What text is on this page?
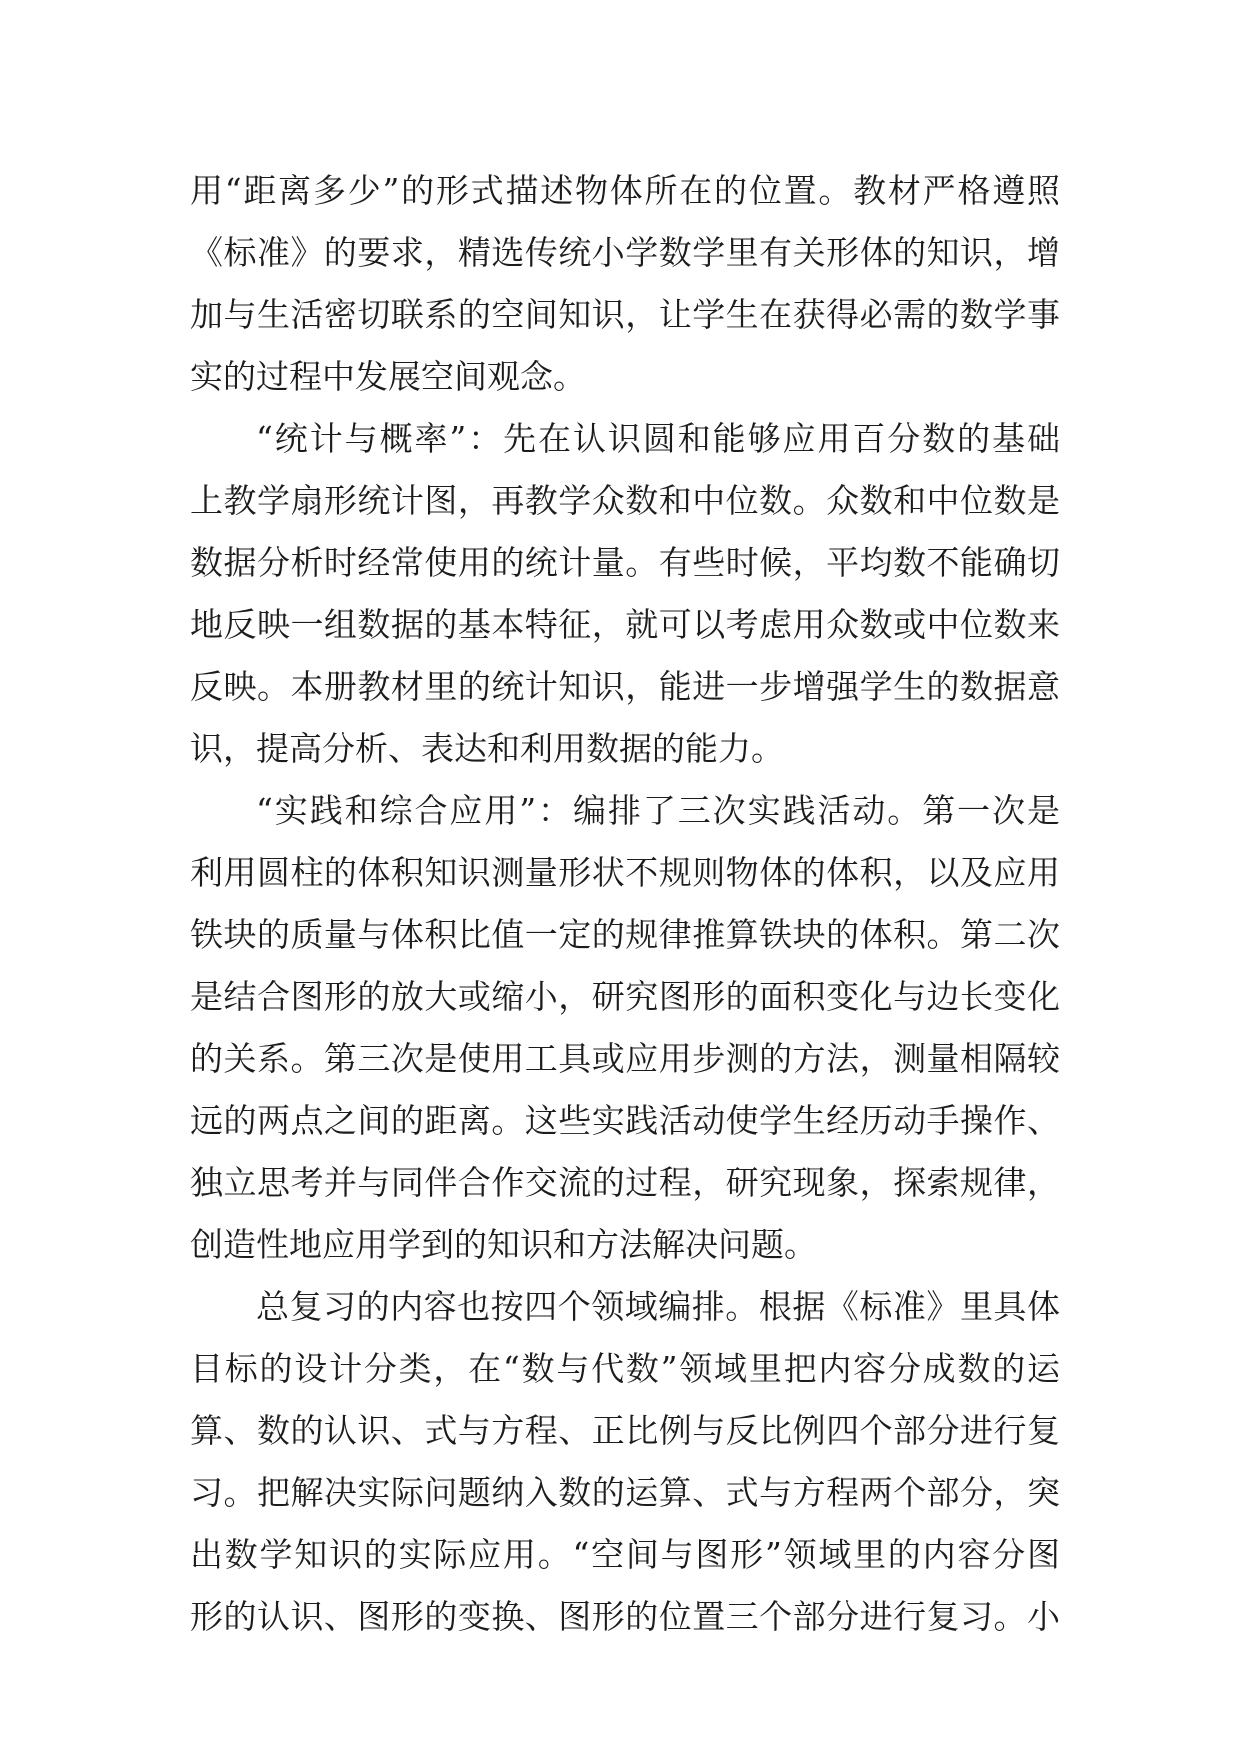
用“距离多少”的形式描述物体所在的位置。教材严格遵照
《标准》的要求，精选传统小学数学里有关形体的知识，增
加与生活密切联系的空间知识，让学生在获得必需的数学事
实的过程中发展空间观念。
“统计与概率”：先在认识圆和能够应用百分数的基础
上教学扇形统计图，再教学众数和中位数。众数和中位数是
数据分析时经常使用的统计量。有些时候，平均数不能确切
地反映一组数据的基本特征，就可以考虑用众数或中位数来
反映。本册教材里的统计知识，能进一步增强学生的数据意
识，提高分析、表达和利用数据的能力。
“实践和综合应用”：编排了三次实践活动。第一次是
利用圆柱的体积知识测量形状不规则物体的体积，以及应用
铁块的质量与体积比值一定的规律推算铁块的体积。第二次
是结合图形的放大或缩小，研究图形的面积变化与边长变化
的关系。第三次是使用工具或应用步测的方法，测量相隔较
远的两点之间的距离。这些实践活动使学生经历动手操作、
独立思考并与同伴合作交流的过程，研究现象，探索规律，
创造性地应用学到的知识和方法解决问题。
总复习的内容也按四个领域编排。根据《标准》里具体
目标的设计分类，在“数与代数”领域里把内容分成数的运
算、数的认识、式与方程、正比例与反比例四个部分进行复
习。把解决实际问题纳入数的运算、式与方程两个部分，突
出数学知识的实际应用。“空间与图形”领域里的内容分图
形的认识、图形的变换、图形的位置三个部分进行复习。小
